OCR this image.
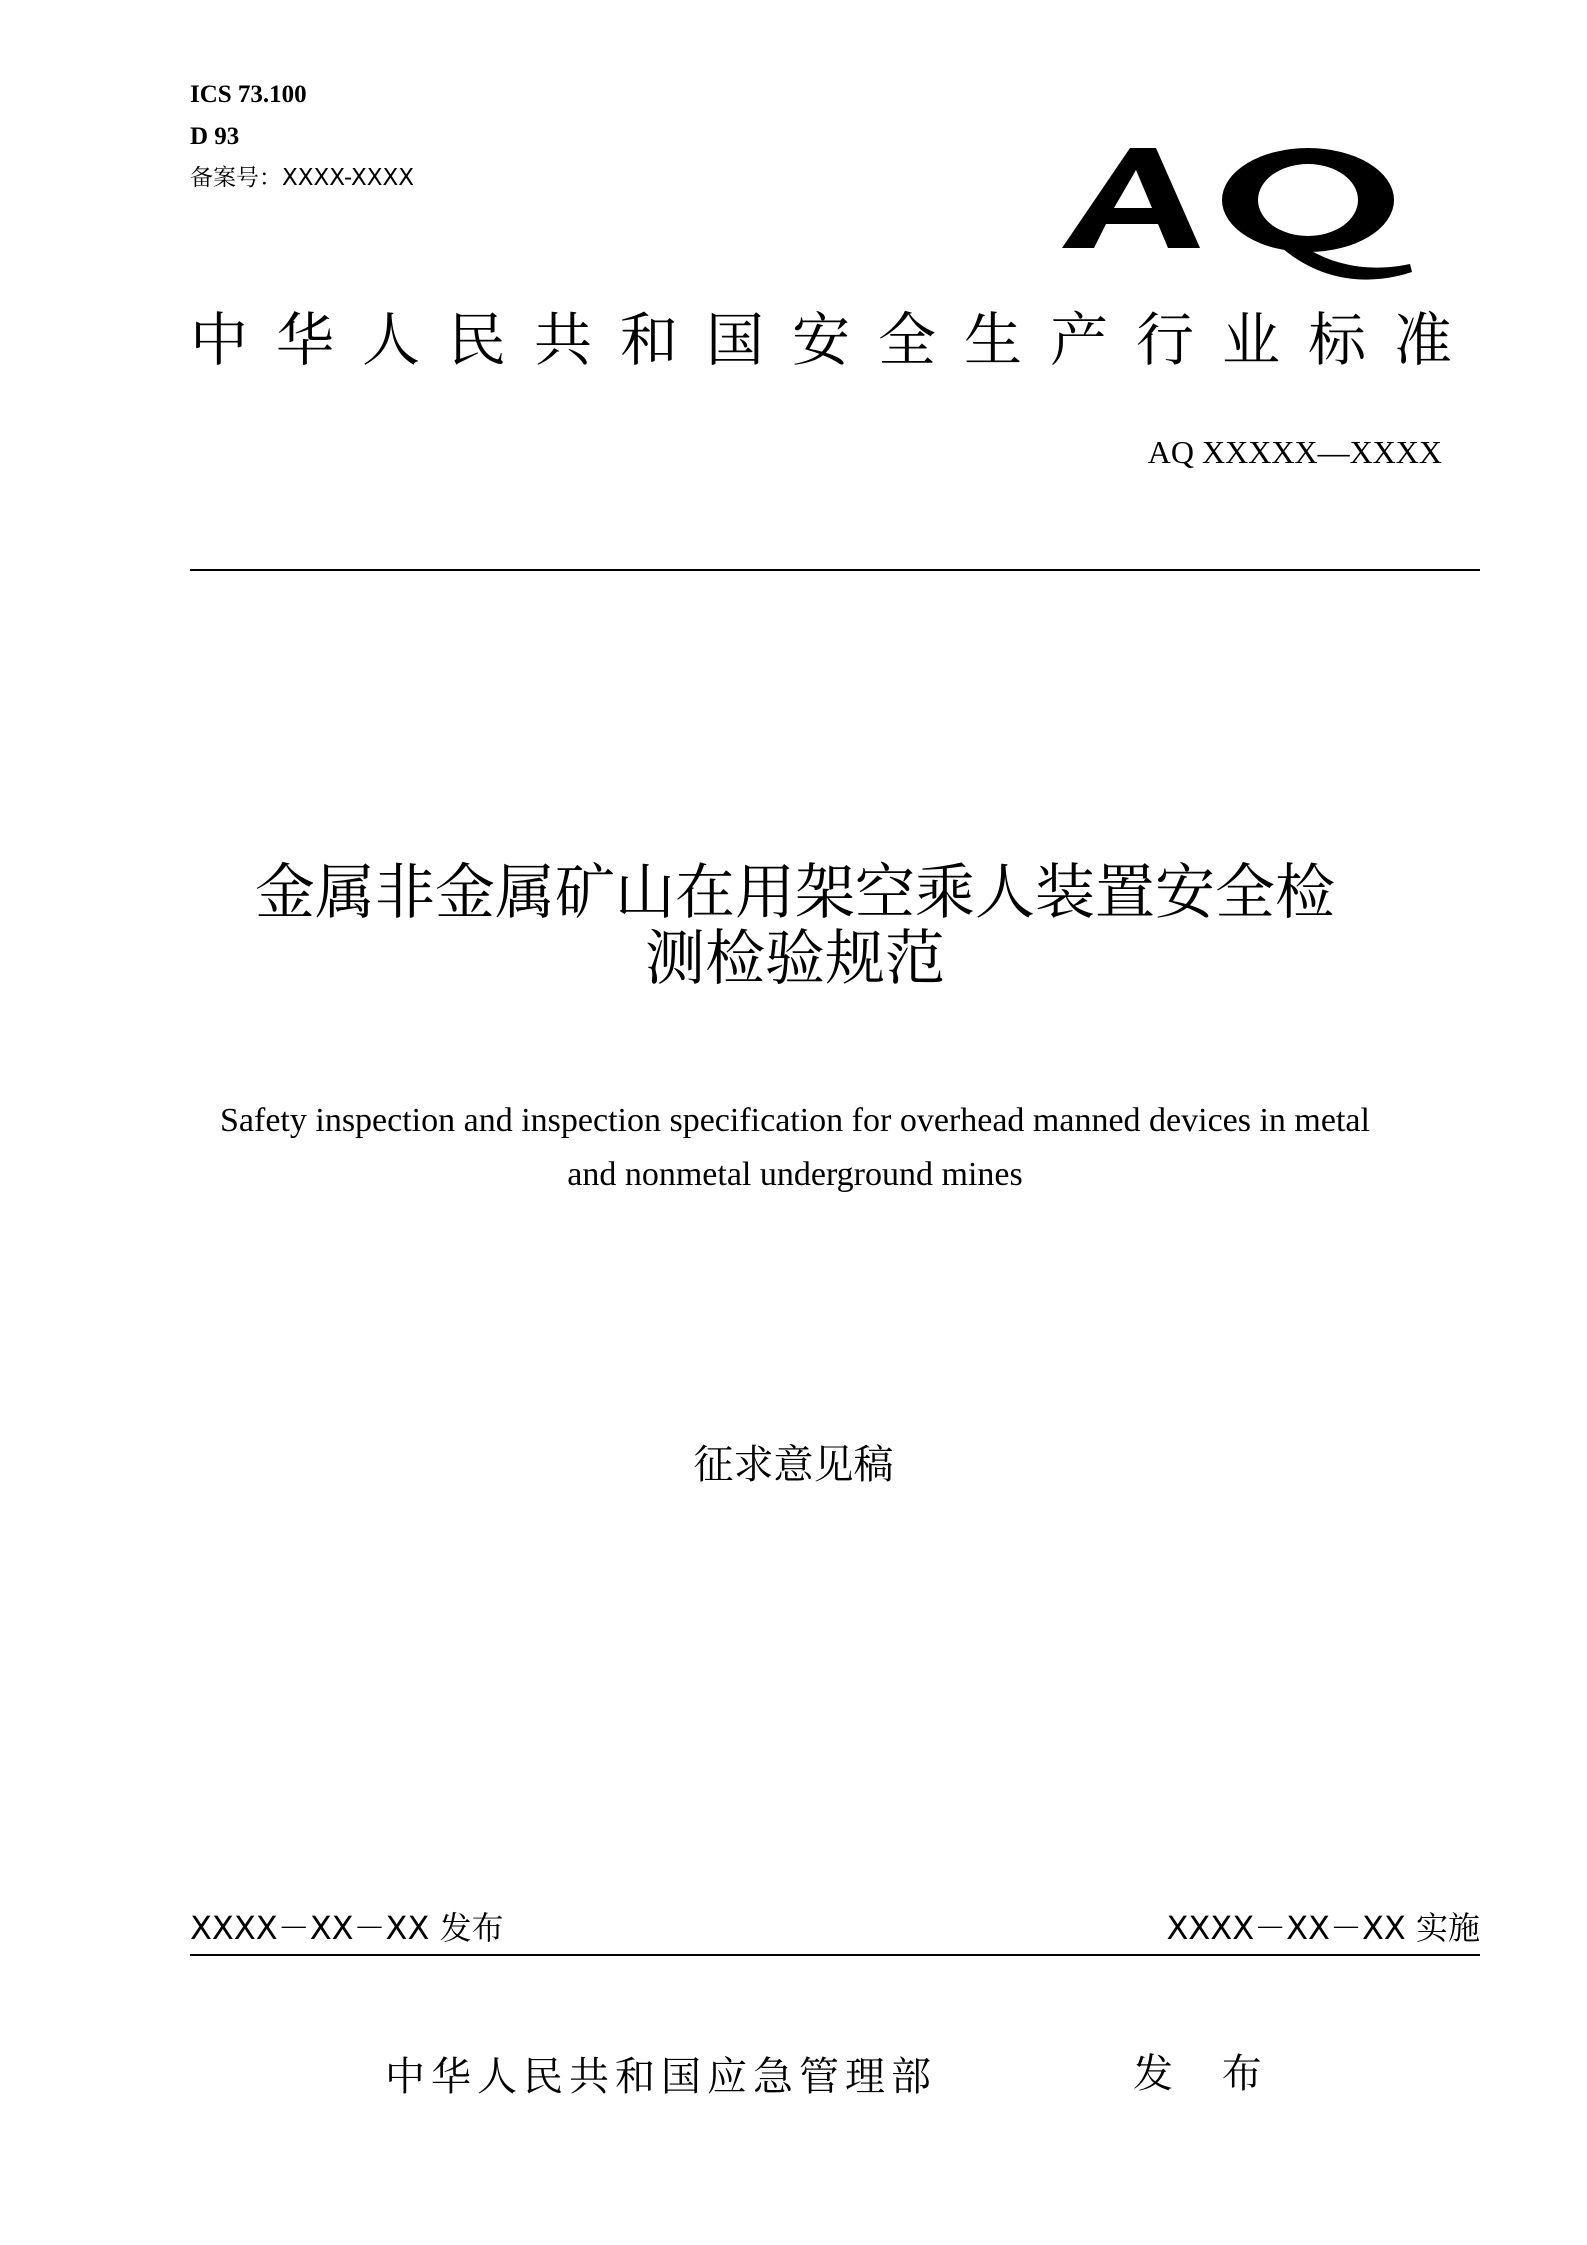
ICS 73.100
D 93
备案号：XXXX-XXXX
中华人民共和国安全生产行业标准
AQ XXXXX—XXXX
金属非金属矿山在用架空乘人装置安全检
测检验规范
Safety inspection and inspection specification for overhead manned devices in metal
and nonmetal underground mines
征求意见稿
XXXX－XX－XX 发布	XXXX－XX－XX 实施
中华人民共和国应急管理部	发 布
